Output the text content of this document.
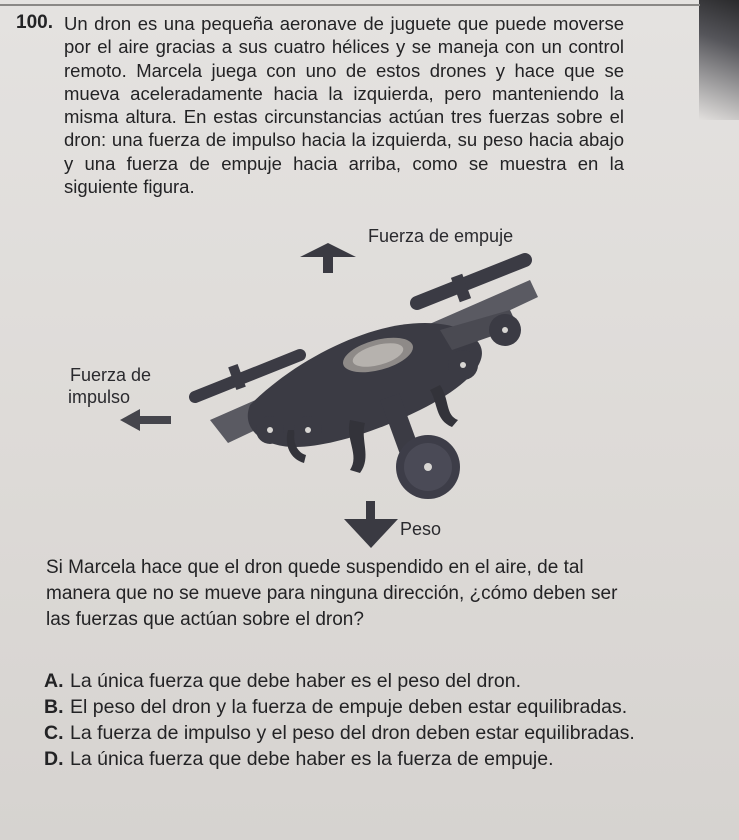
100. Un dron es una pequeña aeronave de juguete que puede moverse por el aire gracias a sus cuatro hélices y se maneja con un control remoto. Marcela juega con uno de estos drones y hace que se mueva aceleradamente hacia la izquierda, pero manteniendo la misma altura. En estas circunstancias actúan tres fuerzas sobre el dron: una fuerza de impulso hacia la izquierda, su peso hacia abajo y una fuerza de empuje hacia arriba, como se muestra en la siguiente figura.
Fuerza de empuje
Fuerza de
impulso
Peso
Si Marcela hace que el dron quede suspendido en el aire, de tal manera que no se mueve para ninguna dirección, ¿cómo deben ser las fuerzas que actúan sobre el dron?
A. La única fuerza que debe haber es el peso del dron.
B. El peso del dron y la fuerza de empuje deben estar equilibradas.
C. La fuerza de impulso y el peso del dron deben estar equilibradas.
D. La única fuerza que debe haber es la fuerza de empuje.
